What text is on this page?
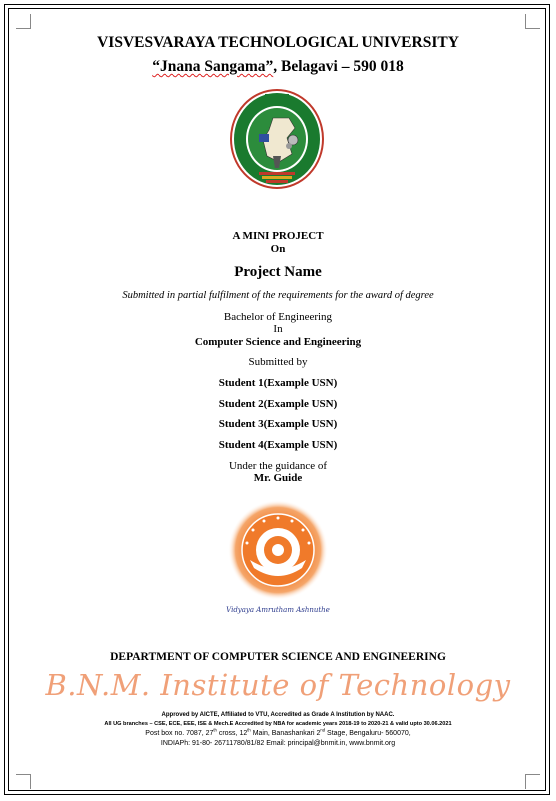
VISVESVARAYA TECHNOLOGICAL UNIVERSITY
“Jnana Sangama”, Belagavi – 590 018
A MINI PROJECT
On
Project Name
Submitted in partial fulfilment of the requirements for the award of degree
Bachelor of Engineering
In
Computer Science and Engineering
Submitted by
Student 1(Example USN)
Student 2(Example USN)
Student 3(Example USN)
Student 4(Example USN)
Under the guidance of
Mr. Guide
Vidyaya Amrutham Ashnuthe
DEPARTMENT OF COMPUTER SCIENCE AND ENGINEERING
B.N.M. Institute of Technology
Approved by AICTE, Affiliated to VTU, Accredited as Grade A Institution by NAAC.
All UG branches – CSE, ECE, EEE, ISE & Mech.E Accredited by NBA for academic years 2018-19 to 2020-21 & valid upto 30.06.2021
Post box no. 7087, 27th cross, 12th Main, Banashankari 2nd Stage, Bengaluru- 560070,
INDIAPh: 91-80- 26711780/81/82 Email: principal@bnmit.in, www.bnmit.org
